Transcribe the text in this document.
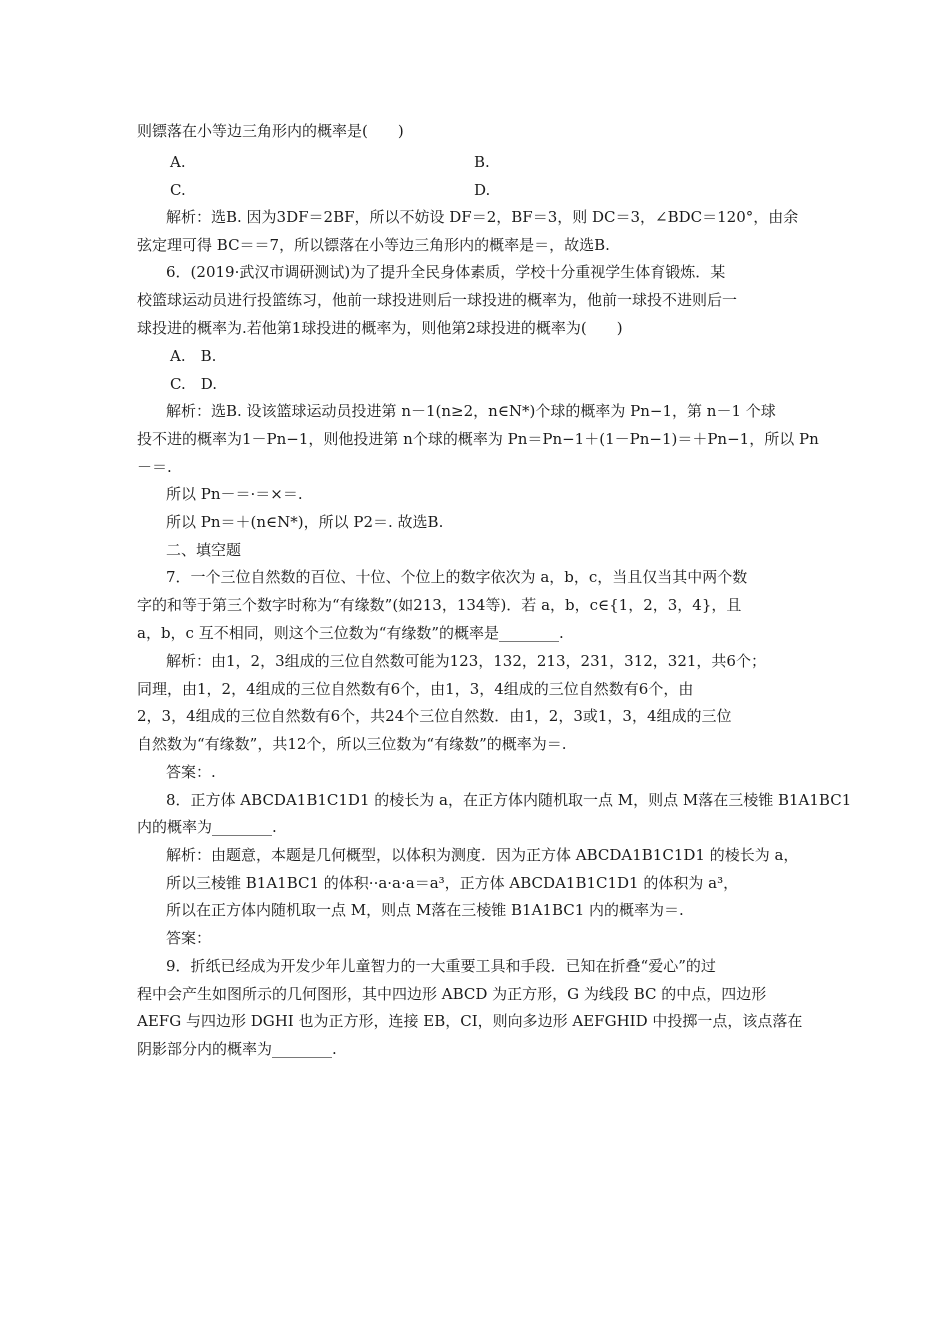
则镖落在小等边三角形内的概率是(　　)
A.	B.
C.	D.
解析：选B. 因为3DF＝2BF，所以不妨设 DF＝2，BF＝3，则 DC＝3，∠BDC＝120°，由余
弦定理可得 BC＝＝7，所以镖落在小等边三角形内的概率是＝，故选B.
6．(2019·武汉市调研测试)为了提升全民身体素质，学校十分重视学生体育锻炼．某
校篮球运动员进行投篮练习，他前一球投进则后一球投进的概率为，他前一球投不进则后一
球投进的概率为.若他第1球投进的概率为，则他第2球投进的概率为(　　)
A.　B.
C.　D.
解析：选B. 设该篮球运动员投进第 n－1(n≥2，n∈N*)个球的概率为 Pn−1，第 n－1 个球
投不进的概率为1－Pn−1，则他投进第 n个球的概率为 Pn＝Pn−1＋(1－Pn−1)＝＋Pn−1，所以 Pn
－＝.
所以 Pn－＝·＝×＝.
所以 Pn＝＋(n∈N*)，所以 P2＝. 故选B.
二、填空题
7．一个三位自然数的百位、十位、个位上的数字依次为 a，b，c，当且仅当其中两个数
字的和等于第三个数字时称为“有缘数”(如213，134等)．若 a，b，c∈{1，2，3，4}，且
a，b，c 互不相同，则这个三位数为“有缘数”的概率是________.
解析：由1，2，3组成的三位自然数可能为123，132，213，231，312，321，共6个；
同理，由1，2，4组成的三位自然数有6个，由1，3，4组成的三位自然数有6个，由
2，3，4组成的三位自然数有6个，共24个三位自然数．由1，2，3或1，3，4组成的三位
自然数为“有缘数”，共12个，所以三位数为“有缘数”的概率为＝.
答案：.
8．正方体 ABCDA1B1C1D1 的棱长为 a，在正方体内随机取一点 M，则点 M落在三棱锥 B1A1BC1
内的概率为________.
解析：由题意，本题是几何概型，以体积为测度．因为正方体 ABCDA1B1C1D1 的棱长为 a，
所以三棱锥 B1A1BC1 的体积··a·a·a＝a³，正方体 ABCDA1B1C1D1 的体积为 a³，
所以在正方体内随机取一点 M，则点 M落在三棱锥 B1A1BC1 内的概率为＝.
答案：
9．折纸已经成为开发少年儿童智力的一大重要工具和手段．已知在折叠“爱心”的过
程中会产生如图所示的几何图形，其中四边形 ABCD 为正方形，G 为线段 BC 的中点，四边形
AEFG 与四边形 DGHI 也为正方形，连接 EB，CI，则向多边形 AEFGHID 中投掷一点，该点落在
阴影部分内的概率为________.
